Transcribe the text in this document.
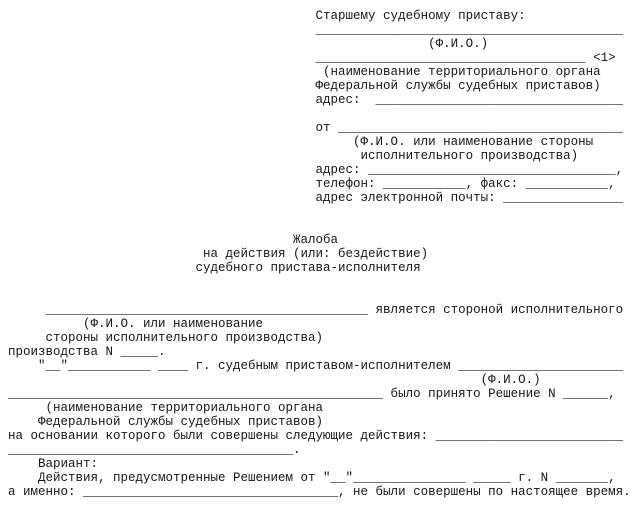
Старшему судебному приставу:
_________________________________________
(Ф.И.О.)
____________________________________ <1>
(наименование территориального органа
Федеральной службы судебных приставов)
адрес:  _________________________________
от ______________________________________
(Ф.И.О. или наименование стороны
исполнительного производства)
адрес: _________________________________,
телефон: ___________, факс: ___________,
адрес электронной почты: ________________
Жалоба
на действия (или: бездействие)
судебного пристава-исполнителя
___________________________________________ является стороной исполнительного
(Ф.И.О. или наименование
стороны исполнительного производства)
производства N _____.
"__"___________ ____ г. судебным приставом-исполнителем ______________________
(Ф.И.О.)
__________________________________________________ было принято Решение N ______,
(наименование территориального органа
Федеральной службы судебных приставов)
на основании которого были совершены следующие действия: _________________________
______________________________________.
Вариант:
Действия, предусмотренные Решением от "__"_______________ _____ г. N _______,
а именно: __________________________________, не были совершены по настоящее время.
